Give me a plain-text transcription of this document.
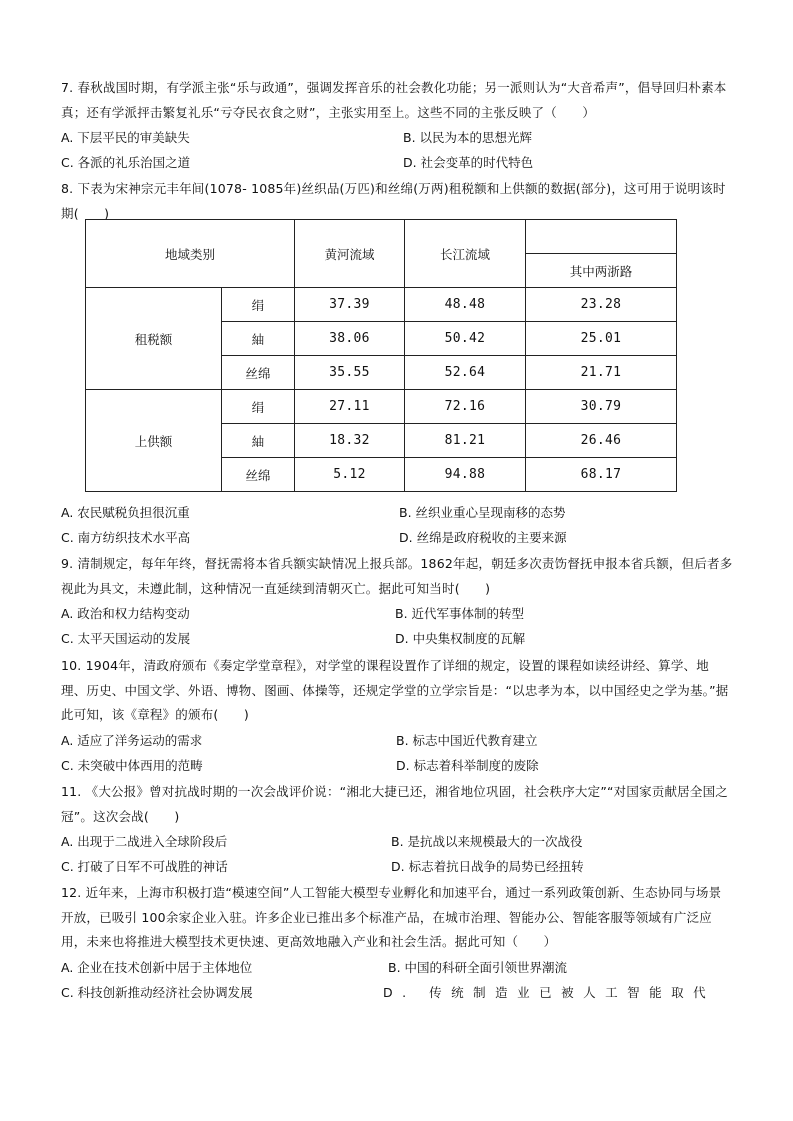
7. 春秋战国时期，有学派主张“乐与政通”，强调发挥音乐的社会教化功能；另一派则认为“大音希声”，倡导回归朴素本真；还有学派抨击繁复礼乐“亏夺民衣食之财”，主张实用至上。这些不同的主张反映了（　　）

A. 下层平民的审美缺失	B. 以民为本的思想光辉
C. 各派的礼乐治国之道	D. 社会变革的时代特色

8. 下表为宋神宗元丰年间(1078- 1085年)丝织品(万匹)和丝绵(万两)租税额和上供额的数据(部分)，这可用于说明该时期(　　)

地域类别		黄河流域	长江流域	
				其中两浙路
租税额	绢	37.39	48.48	23.28
	紬	38.06	50.42	25.01
	丝绵	35.55	52.64	21.71
上供额	绢	27.11	72.16	30.79
	紬	18.32	81.21	26.46
	丝绵	5.12	94.88	68.17
A. 农民赋税负担很沉重	B. 丝织业重心呈现南移的态势
C. 南方纺织技术水平高	D. 丝绵是政府税收的主要来源

9. 清制规定，每年年终，督抚需将本省兵额实缺情况上报兵部。1862年起，朝廷多次责饬督抚申报本省兵额，但后者多视此为具文，未遵此制，这种情况一直延续到清朝灭亡。据此可知当时(　　)

A. 政治和权力结构变动	B. 近代军事体制的转型
C. 太平天国运动的发展	D. 中央集权制度的瓦解

10. 1904年，清政府颁布《奏定学堂章程》，对学堂的课程设置作了详细的规定，设置的课程如读经讲经、算学、地理、历史、中国文学、外语、博物、图画、体操等，还规定学堂的立学宗旨是：“以忠孝为本，以中国经史之学为基。”据此可知，该《章程》的颁布(　　)

A. 适应了洋务运动的需求	B. 标志中国近代教育建立
C. 未突破中体西用的范畴	D. 标志着科举制度的废除

11. 《大公报》曾对抗战时期的一次会战评价说：“湘北大捷已还，湘省地位巩固，社会秩序大定”“对国家贡献居全国之冠”。这次会战(　　)

A. 出现于二战进入全球阶段后	B. 是抗战以来规模最大的一次战役
C. 打破了日军不可战胜的神话	D. 标志着抗日战争的局势已经扭转

12. 近年来，上海市积极打造“模速空间”人工智能大模型专业孵化和加速平台，通过一系列政策创新、生态协同与场景开放，已吸引 100余家企业入驻。许多企业已推出多个标准产品，在城市治理、智能办公、智能客服等领域有广泛应用，未来也将推进大模型技术更快速、更高效地融入产业和社会生活。据此可知（　　）

A. 企业在技术创新中居于主体地位	B. 中国的科研全面引领世界潮流
C. 科技创新推动经济社会协调发展	D. 传统制造业已被人工智能取代
